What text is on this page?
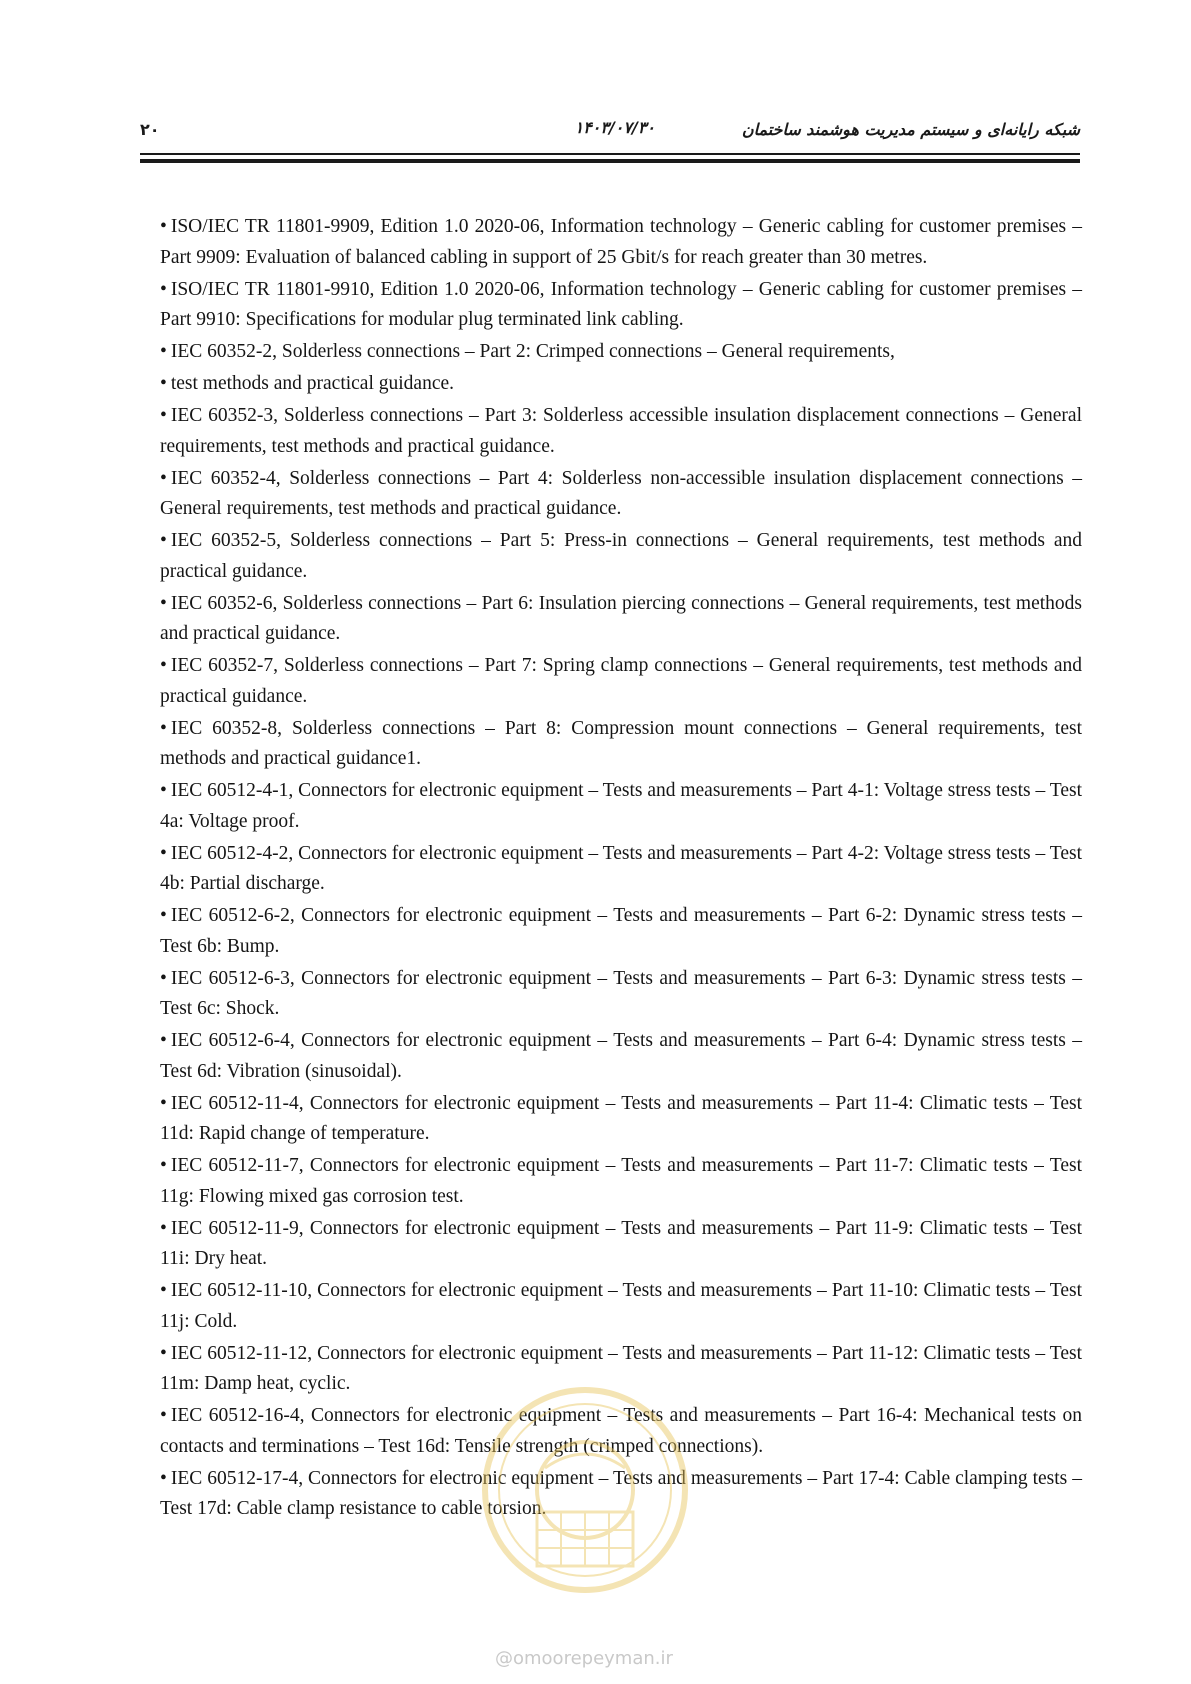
شبکه رایانه‌ای و سیستم مدیریت هوشمند ساختمان
۱۴۰۳/۰۷/۳۰
۲۰

• ISO/IEC TR 11801-9909, Edition 1.0 2020-06, Information technology – Generic cabling for customer premises – Part 9909: Evaluation of balanced cabling in support of 25 Gbit/s for reach greater than 30 metres.

• ISO/IEC TR 11801-9910, Edition 1.0 2020-06, Information technology – Generic cabling for customer premises – Part 9910: Specifications for modular plug terminated link cabling.

• IEC 60352-2, Solderless connections – Part 2: Crimped connections – General requirements,

• test methods and practical guidance.

• IEC 60352-3, Solderless connections – Part 3: Solderless accessible insulation displacement connections – General requirements, test methods and practical guidance.

• IEC 60352-4, Solderless connections – Part 4: Solderless non-accessible insulation displacement connections – General requirements, test methods and practical guidance.

• IEC 60352-5, Solderless connections – Part 5: Press-in connections – General requirements, test methods and practical guidance.

• IEC 60352-6, Solderless connections – Part 6: Insulation piercing connections – General requirements, test methods and practical guidance.

• IEC 60352-7, Solderless connections – Part 7: Spring clamp connections – General requirements, test methods and practical guidance.

• IEC 60352-8, Solderless connections – Part 8: Compression mount connections – General requirements, test methods and practical guidance1.

• IEC 60512-4-1, Connectors for electronic equipment – Tests and measurements – Part 4-1: Voltage stress tests – Test 4a: Voltage proof.

• IEC 60512-4-2, Connectors for electronic equipment – Tests and measurements – Part 4-2: Voltage stress tests – Test 4b: Partial discharge.

• IEC 60512-6-2, Connectors for electronic equipment – Tests and measurements – Part 6-2: Dynamic stress tests – Test 6b: Bump.

• IEC 60512-6-3, Connectors for electronic equipment – Tests and measurements – Part 6-3: Dynamic stress tests – Test 6c: Shock.

• IEC 60512-6-4, Connectors for electronic equipment – Tests and measurements – Part 6-4: Dynamic stress tests – Test 6d: Vibration (sinusoidal).

• IEC 60512-11-4, Connectors for electronic equipment – Tests and measurements – Part 11-4: Climatic tests – Test 11d: Rapid change of temperature.

• IEC 60512-11-7, Connectors for electronic equipment – Tests and measurements – Part 11-7: Climatic tests – Test 11g: Flowing mixed gas corrosion test.

• IEC 60512-11-9, Connectors for electronic equipment – Tests and measurements – Part 11-9: Climatic tests – Test 11i: Dry heat.

• IEC 60512-11-10, Connectors for electronic equipment – Tests and measurements – Part 11-10: Climatic tests – Test 11j: Cold.

• IEC 60512-11-12, Connectors for electronic equipment – Tests and measurements – Part 11-12: Climatic tests – Test 11m: Damp heat, cyclic.

• IEC 60512-16-4, Connectors for electronic equipment – Tests and measurements – Part 16-4: Mechanical tests on contacts and terminations – Test 16d: Tensile strength (crimped connections).

• IEC 60512-17-4, Connectors for electronic equipment – Tests and measurements – Part 17-4: Cable clamping tests – Test 17d: Cable clamp resistance to cable torsion.

@omoorepeyman.ir
